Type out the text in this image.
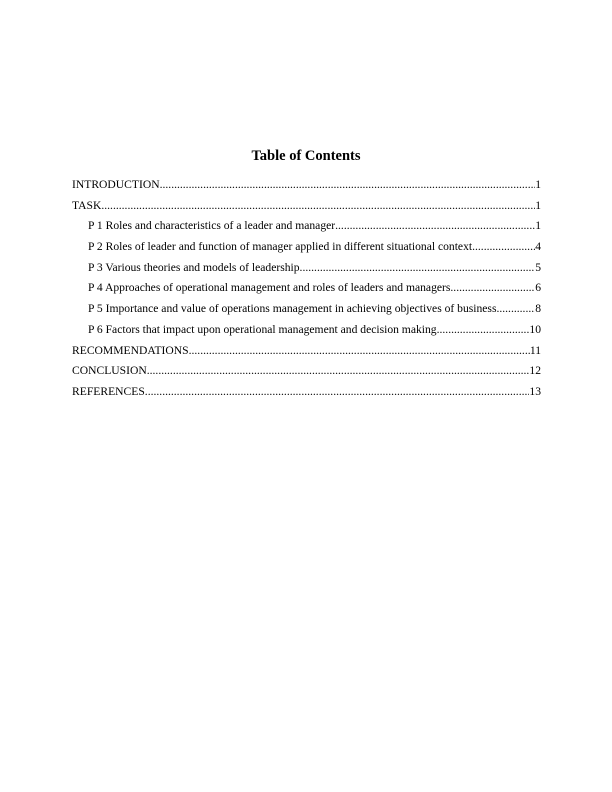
Table of Contents
INTRODUCTION .....	1
TASK .....	1
P 1 Roles and characteristics of a leader and manager .....	1
P 2 Roles of leader and function of manager applied in different situational context .....	4
P 3 Various theories and models of leadership .....	5
P 4 Approaches of operational management and roles of leaders and managers .....	6
P 5 Importance and value of operations management in achieving objectives of business .....	8
P 6 Factors that impact upon operational management and decision making .....	10
RECOMMENDATIONS .....	11
CONCLUSION .....	12
REFERENCES .....	13
